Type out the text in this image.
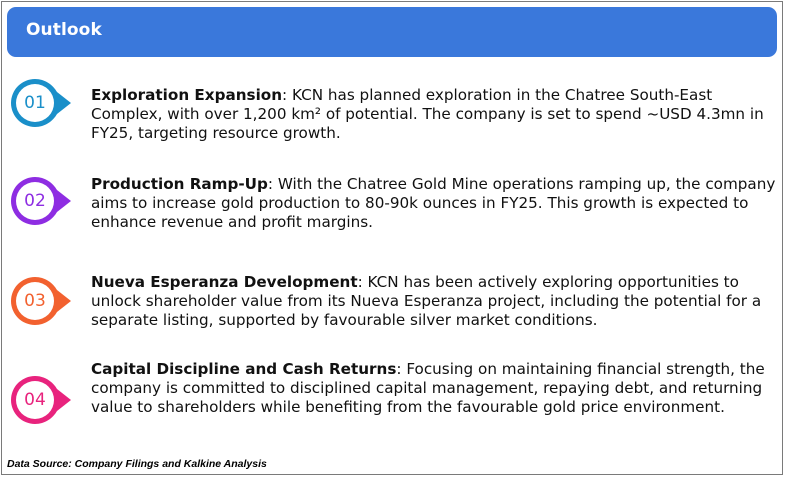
Outlook
01	Exploration Expansion: KCN has planned exploration in the Chatree South-East Complex, with over 1,200 km² of potential. The company is set to spend ~USD 4.3mn in FY25, targeting resource growth.
02
Production Ramp-Up: With the Chatree Gold Mine operations ramping up, the company aims to increase gold production to 80-90k ounces in FY25. This growth is expected to enhance revenue and profit margins.
03
Nueva Esperanza Development: KCN has been actively exploring opportunities to unlock shareholder value from its Nueva Esperanza project, including the potential for a separate listing, supported by favourable silver market conditions.
04
Capital Discipline and Cash Returns: Focusing on maintaining financial strength, the company is committed to disciplined capital management, repaying debt, and returning value to shareholders while benefiting from the favourable gold price environment.
Data Source: Company Filings and Kalkine Analysis
